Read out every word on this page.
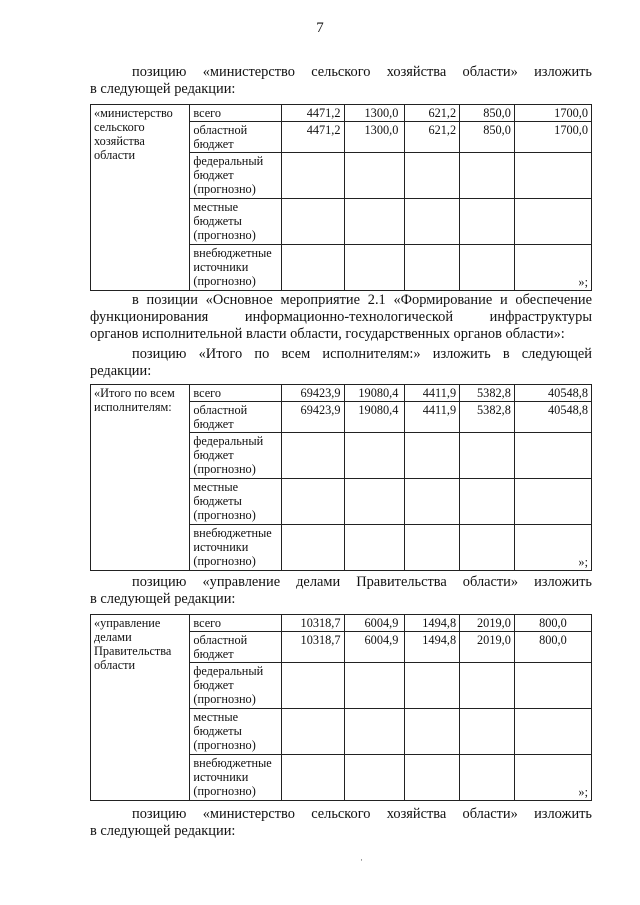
7
позицию «министерство сельского хозяйства области» изложить
в следующей редакции:
«министерство
сельского
хозяйства
области	всего	4471,2	1300,0	621,2	850,0	1700,0

	областной
бюджет	4471,2	1300,0	621,2	850,0	1700,0

	федеральный
бюджет
(прогнозно)					

	местные
бюджеты
(прогнозно)					

	внебюджетные
источники
(прогнозно)					»;
в позиции «Основное мероприятие 2.1 «Формирование и обеспечение
функционирования информационно-технологической инфраструктуры
органов исполнительной власти области, государственных органов области»:
позицию «Итого по всем исполнителям:» изложить в следующей
редакции:
«Итого по всем
исполнителям:	всего	69423,9	19080,4	4411,9	5382,8	40548,8

	областной
бюджет	69423,9	19080,4	4411,9	5382,8	40548,8

	федеральный
бюджет
(прогнозно)					

	местные
бюджеты
(прогнозно)					

	внебюджетные
источники
(прогнозно)					»;
позицию «управление делами Правительства области» изложить
в следующей редакции:
«управление
делами
Правительства
области	всего	10318,7	6004,9	1494,8	2019,0	800,0

	областной
бюджет	10318,7	6004,9	1494,8	2019,0	800,0

	федеральный
бюджет
(прогнозно)					

	местные
бюджеты
(прогнозно)					

	внебюджетные
источники
(прогнозно)					»;
позицию «министерство сельского хозяйства области» изложить
в следующей редакции:
·
